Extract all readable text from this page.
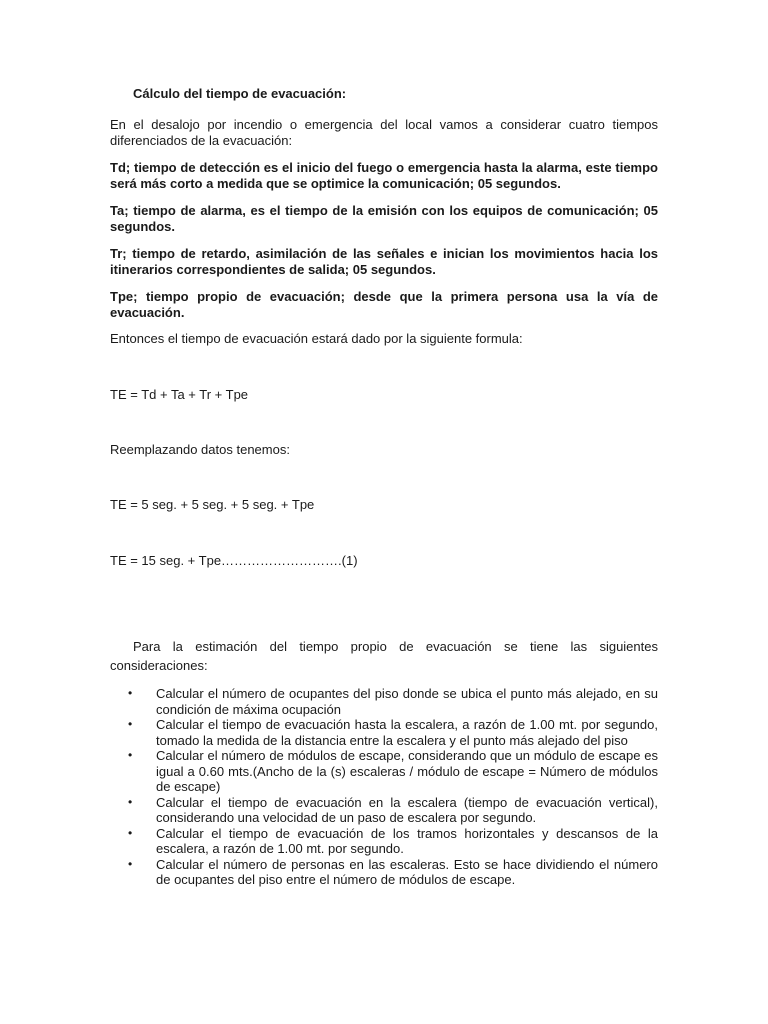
Cálculo del tiempo de evacuación:
En el desalojo por incendio o emergencia del local vamos a considerar cuatro tiempos diferenciados de la evacuación:
Td; tiempo de detección es el inicio del fuego o emergencia hasta la alarma, este tiempo será más corto a medida que se optimice la comunicación; 05 segundos.
Ta; tiempo de alarma, es el tiempo de la emisión con los equipos de comunicación; 05 segundos.
Tr; tiempo de retardo, asimilación de las señales e inician los movimientos hacia los itinerarios correspondientes de salida; 05 segundos.
Tpe; tiempo propio de evacuación; desde que la primera persona usa la vía de evacuación.
Entonces el tiempo de evacuación estará dado por la siguiente formula:
TE = Td + Ta + Tr + Tpe
Reemplazando datos tenemos:
TE = 5 seg. + 5 seg. + 5 seg. + Tpe
TE = 15 seg. + Tpe……………………….(1)
Para la estimación del tiempo propio de evacuación se tiene las siguientes consideraciones:
• Calcular el número de ocupantes del piso donde se ubica el punto más alejado, en su condición de máxima ocupación
• Calcular el tiempo de evacuación hasta la escalera, a razón de 1.00 mt. por segundo, tomado la medida de la distancia entre la escalera y el punto más alejado del piso
• Calcular el número de módulos de escape, considerando que un módulo de escape es igual a 0.60 mts.(Ancho de la (s) escaleras / módulo de escape = Número de módulos de escape)
• Calcular el tiempo de evacuación en la escalera (tiempo de evacuación vertical), considerando una velocidad de un paso de escalera por segundo.
• Calcular el tiempo de evacuación de los tramos horizontales y descansos de la escalera, a razón de 1.00 mt. por segundo.
• Calcular el número de personas en las escaleras. Esto se hace dividiendo el número de ocupantes del piso entre el número de módulos de escape.
